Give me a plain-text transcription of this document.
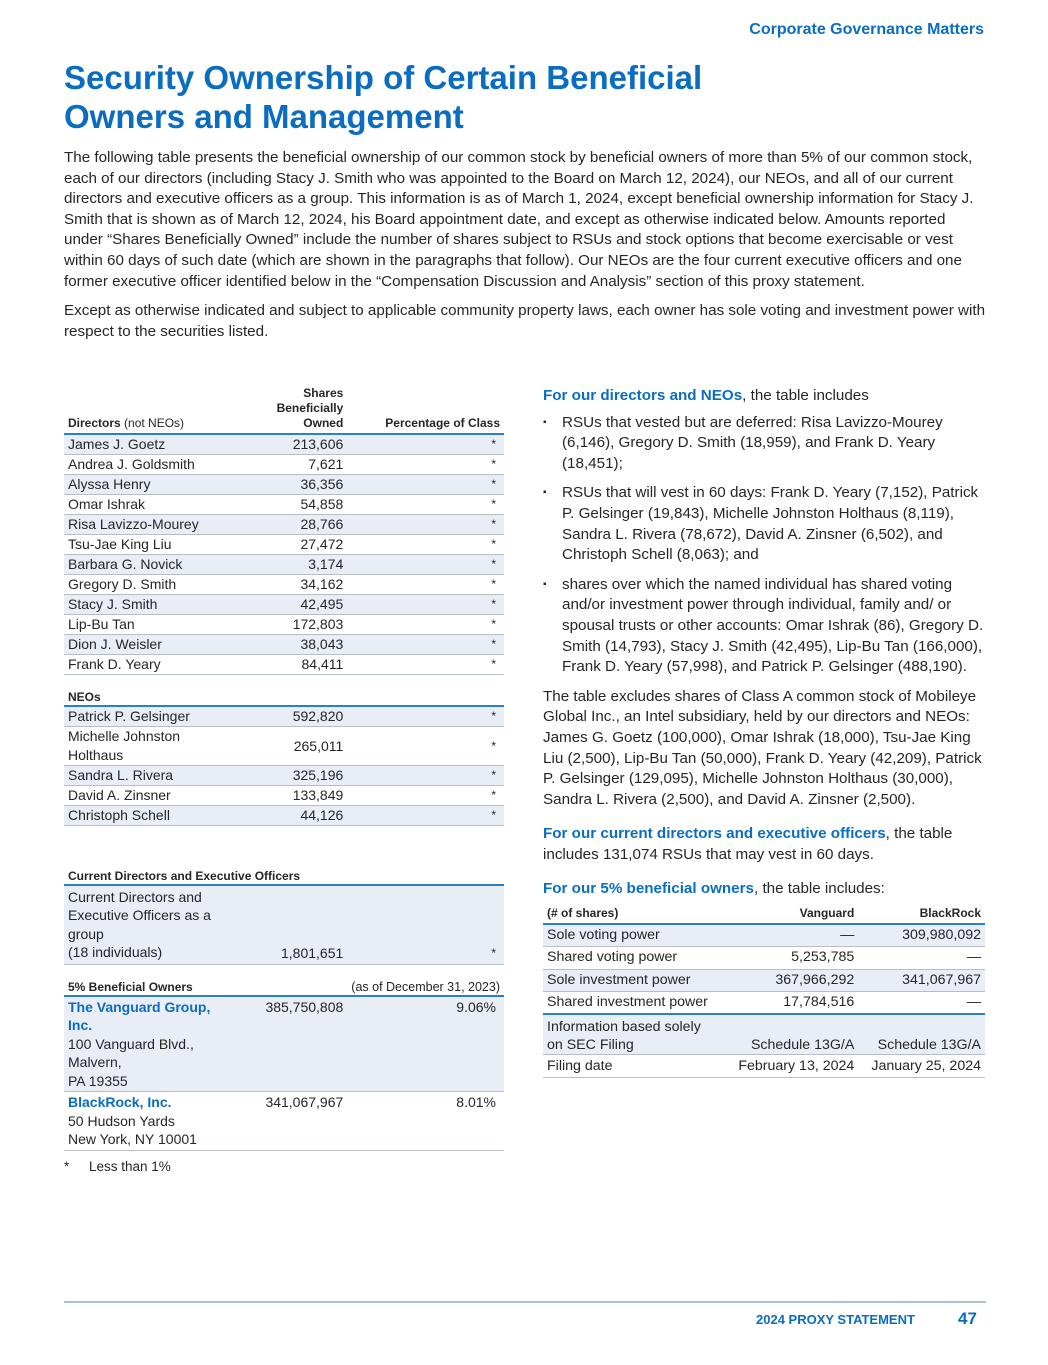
Corporate Governance Matters
Security Ownership of Certain Beneficial Owners and Management

The following table presents the beneficial ownership of our common stock by beneficial owners of more than 5% of our common stock, each of our directors (including Stacy J. Smith who was appointed to the Board on March 12, 2024), our NEOs, and all of our current directors and executive officers as a group. This information is as of March 1, 2024, except beneficial ownership information for Stacy J. Smith that is shown as of March 12, 2024, his Board appointment date, and except as otherwise indicated below. Amounts reported under “Shares Beneficially Owned” include the number of shares subject to RSUs and stock options that become exercisable or vest within 60 days of such date (which are shown in the paragraphs that follow). Our NEOs are the four current executive officers and one former executive officer identified below in the “Compensation Discussion and Analysis” section of this proxy statement.

Except as otherwise indicated and subject to applicable community property laws, each owner has sole voting and investment power with respect to the securities listed.

Directors (not NEOs)	Shares Beneficially Owned	Percentage of Class
James J. Goetz	213,606	*
Andrea J. Goldsmith	7,621	*
Alyssa Henry	36,356	*
Omar Ishrak	54,858	*
Risa Lavizzo-Mourey	28,766	*
Tsu-Jae King Liu	27,472	*
Barbara G. Novick	3,174	*
Gregory D. Smith	34,162	*
Stacy J. Smith	42,495	*
Lip-Bu Tan	172,803	*
Dion J. Weisler	38,043	*
Frank D. Yeary	84,411	*
NEOs		
Patrick P. Gelsinger	592,820	*
Michelle Johnston Holthaus	265,011	*
Sandra L. Rivera	325,196	*
David A. Zinsner	133,849	*
Christoph Schell	44,126	*

Current Directors and Executive Officers		

Current Directors and
Executive Officers as a group
(18 individuals)	1,801,651	*
5% Beneficial Owners		(as of December 31, 2023)

The Vanguard Group, Inc.
100 Vanguard Blvd., Malvern,
PA 19355	385,750,808	9.06%

BlackRock, Inc.
50 Hudson Yards
New York, NY 10001	341,067,967	8.01%
* Less than 1%

For our directors and NEOs, the table includes

▪ RSUs that vested but are deferred: Risa Lavizzo-Mourey (6,146), Gregory D. Smith (18,959), and Frank D. Yeary (18,451);
▪ RSUs that will vest in 60 days: Frank D. Yeary (7,152), Patrick P. Gelsinger (19,843), Michelle Johnston Holthaus (8,119), Sandra L. Rivera (78,672), David A. Zinsner (6,502), and Christoph Schell (8,063); and
▪ shares over which the named individual has shared voting and/or investment power through individual, family and/ or spousal trusts or other accounts: Omar Ishrak (86), Gregory D. Smith (14,793), Stacy J. Smith (42,495), Lip-Bu Tan (166,000), Frank D. Yeary (57,998), and Patrick P. Gelsinger (488,190).

The table excludes shares of Class A common stock of Mobileye Global Inc., an Intel subsidiary, held by our directors and NEOs: James G. Goetz (100,000), Omar Ishrak (18,000), Tsu-Jae King Liu (2,500), Lip-Bu Tan (50,000), Frank D. Yeary (42,209), Patrick P. Gelsinger (129,095), Michelle Johnston Holthaus (30,000), Sandra L. Rivera (2,500), and David A. Zinsner (2,500).

For our current directors and executive officers, the table includes 131,074 RSUs that may vest in 60 days.

For our 5% beneficial owners, the table includes:

(# of shares)	Vanguard	BlackRock
Sole voting power	—	309,980,092
Shared voting power	5,253,785	—
Sole investment power	367,966,292	341,067,967
Shared investment power	17,784,516	—

Information based solely
on SEC Filing	Schedule 13G/A	Schedule 13G/A
Filing date	February 13, 2024	January 25, 2024
2024 PROXY STATEMENT	47
